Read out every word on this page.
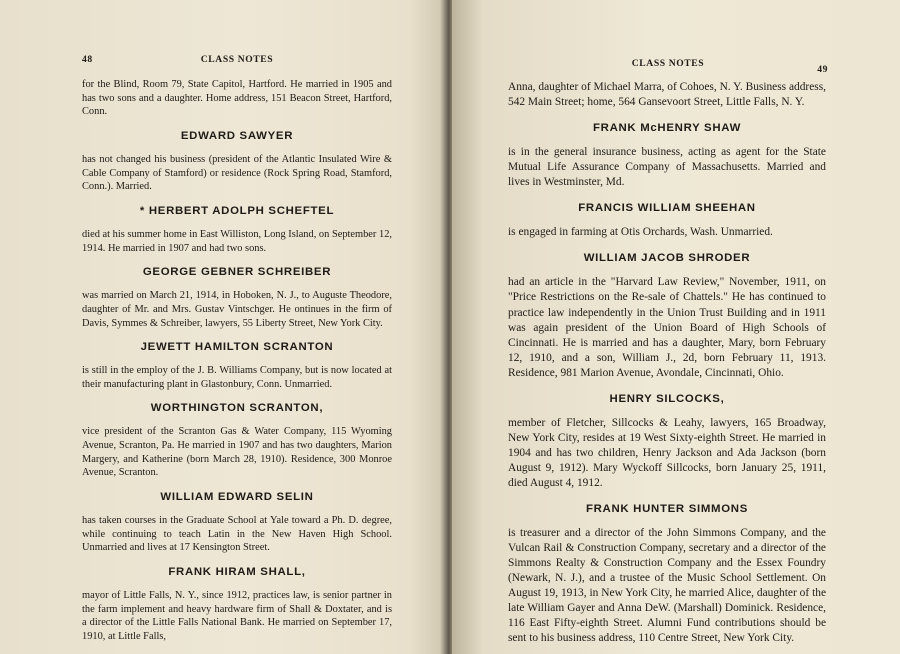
48	CLASS NOTES

for the Blind, Room 79, State Capitol, Hartford. He married in 1905 and has two sons and a daughter. Home address, 151 Beacon Street, Hartford, Conn.

EDWARD SAWYER

has not changed his business (president of the Atlantic Insulated Wire & Cable Company of Stamford) or residence (Rock Spring Road, Stamford, Conn.). Married.

* HERBERT ADOLPH SCHEFTEL

died at his summer home in East Williston, Long Island, on September 12, 1914. He married in 1907 and had two sons.

GEORGE GEBNER SCHREIBER

was married on March 21, 1914, in Hoboken, N. J., to Auguste Theodore, daughter of Mr. and Mrs. Gustav Vintschger. He ontinues in the firm of Davis, Symmes & Schreiber, lawyers, 55 Liberty Street, New York City.

JEWETT HAMILTON SCRANTON

is still in the employ of the J. B. Williams Company, but is now located at their manufacturing plant in Glastonbury, Conn. Unmarried.

WORTHINGTON SCRANTON,

vice president of the Scranton Gas & Water Company, 115 Wyoming Avenue, Scranton, Pa. He married in 1907 and has two daughters, Marion Margery, and Katherine (born March 28, 1910). Residence, 300 Monroe Avenue, Scranton.

WILLIAM EDWARD SELIN

has taken courses in the Graduate School at Yale toward a Ph. D. degree, while continuing to teach Latin in the New Haven High School. Unmarried and lives at 17 Kensington Street.

FRANK HIRAM SHALL,

mayor of Little Falls, N. Y., since 1912, practices law, is senior partner in the farm implement and heavy hardware firm of Shall & Doxtater, and is a director of the Little Falls National Bank. He married on September 17, 1910, at Little Falls,

CLASS NOTES
49

Anna, daughter of Michael Marra, of Cohoes, N. Y. Business address, 542 Main Street; home, 564 Gansevoort Street, Little Falls, N. Y.

FRANK McHENRY SHAW

is in the general insurance business, acting as agent for the State Mutual Life Assurance Company of Massachusetts. Married and lives in Westminster, Md.

FRANCIS WILLIAM SHEEHAN

is engaged in farming at Otis Orchards, Wash. Unmarried.

WILLIAM JACOB SHRODER

had an article in the "Harvard Law Review," November, 1911, on "Price Restrictions on the Re-sale of Chattels." He has continued to practice law independently in the Union Trust Building and in 1911 was again president of the Union Board of High Schools of Cincinnati. He is married and has a daughter, Mary, born February 12, 1910, and a son, William J., 2d, born February 11, 1913. Residence, 981 Marion Avenue, Avondale, Cincinnati, Ohio.

HENRY SILCOCKS,

member of Fletcher, Sillcocks & Leahy, lawyers, 165 Broadway, New York City, resides at 19 West Sixty-eighth Street. He married in 1904 and has two children, Henry Jackson and Ada Jackson (born August 9, 1912). Mary Wyckoff Sillcocks, born January 25, 1911, died August 4, 1912.

FRANK HUNTER SIMMONS

is treasurer and a director of the John Simmons Company, and the Vulcan Rail & Construction Company, secretary and a director of the Simmons Realty & Construction Company and the Essex Foundry (Newark, N. J.), and a trustee of the Music School Settlement. On August 19, 1913, in New York City, he married Alice, daughter of the late William Gayer and Anna DeW. (Marshall) Dominick. Residence, 116 East Fifty-eighth Street. Alumni Fund contributions should be sent to his business address, 110 Centre Street, New York City.
